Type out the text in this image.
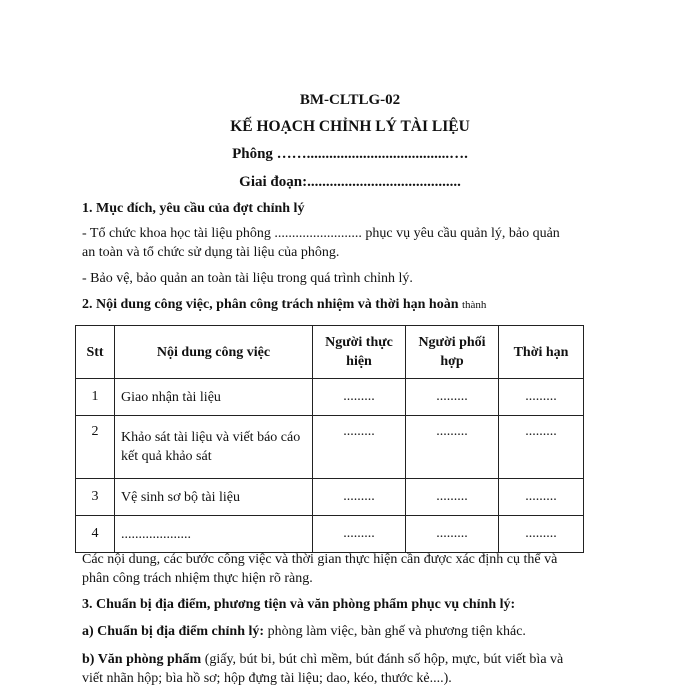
BM-CLTLG-02
KẾ HOẠCH CHỈNH LÝ TÀI LIỆU
Phông ……......................................….
Giai đoạn:.........................................
1. Mục đích, yêu cầu của đợt chỉnh lý
- Tổ chức khoa học tài liệu phông ......................... phục vụ yêu cầu quản lý, bảo quản
an toàn và tổ chức sử dụng tài liệu của phông.
- Bảo vệ, bảo quản an toàn tài liệu trong quá trình chỉnh lý.
2. Nội dung công việc, phân công trách nhiệm và thời hạn hoàn thành
Stt	Nội dung công việc	Người thực hiện	Người phối hợp	Thời hạn
1	Giao nhận tài liệu	.........	.........	.........
2	Khảo sát tài liệu và viết báo cáo kết quả khảo sát	.........	.........	.........
3	Vệ sinh sơ bộ tài liệu	.........	.........	.........
4	....................	.........	.........	.........
Các nội dung, các bước công việc và thời gian thực hiện cần được xác định cụ thể và
phân công trách nhiệm thực hiện rõ ràng.
3. Chuẩn bị địa điểm, phương tiện và văn phòng phẩm phục vụ chỉnh lý:
a) Chuẩn bị địa điểm chỉnh lý: phòng làm việc, bàn ghế và phương tiện khác.
b) Văn phòng phẩm (giấy, bút bi, bút chì mềm, bút đánh số hộp, mực, bút viết bìa và
viết nhãn hộp; bìa hồ sơ; hộp đựng tài liệu; dao, kéo, thước kẻ....).
